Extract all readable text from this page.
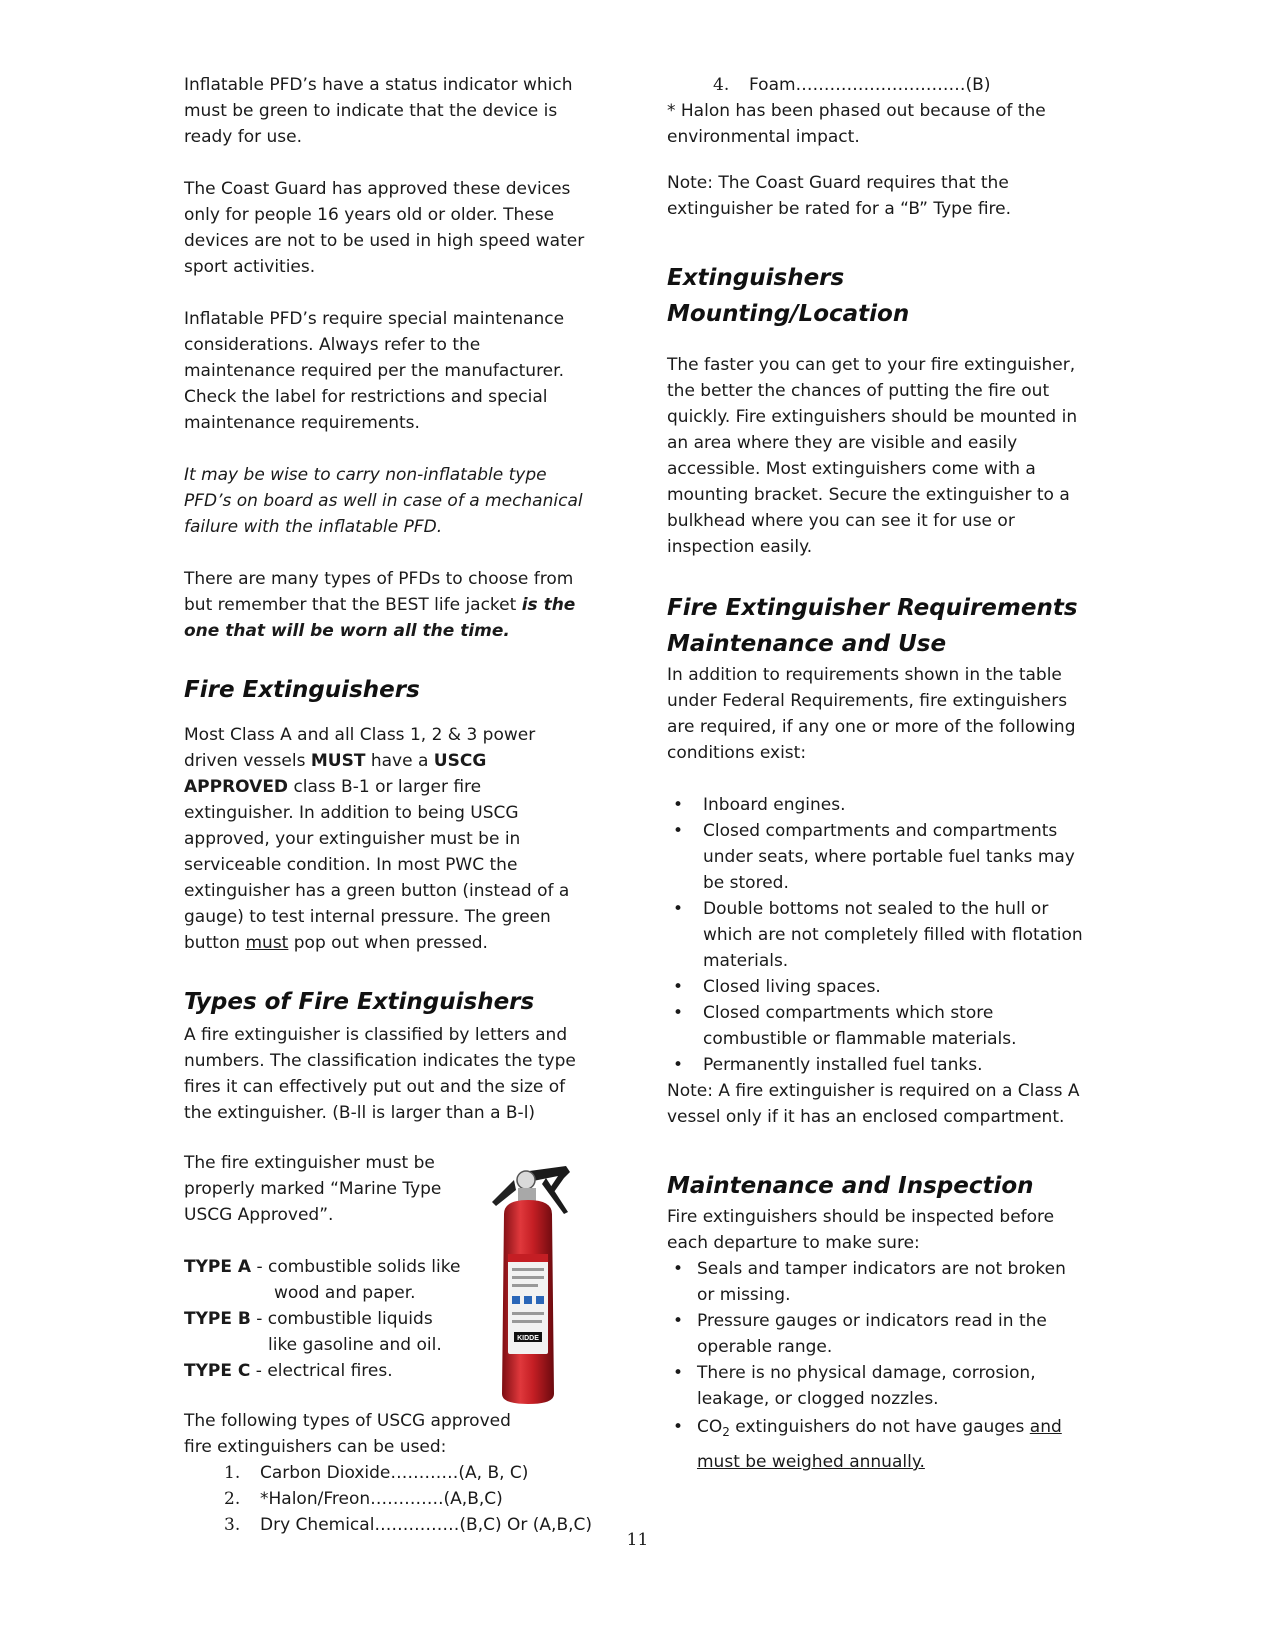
Inflatable PFD’s have a status indicator which must be green to indicate that the device is ready for use.

The Coast Guard has approved these devices only for people 16 years old or older. These devices are not to be used in high speed water sport activities.

Inflatable PFD’s require special maintenance considerations. Always refer to the maintenance required per the manufacturer. Check the label for restrictions and special maintenance requirements.

It may be wise to carry non-inflatable type PFD’s on board as well in case of a mechanical failure with the inflatable PFD.

There are many types of PFDs to choose from but remember that the BEST life jacket is the one that will be worn all the time.

Fire Extinguishers

Most Class A and all Class 1, 2 & 3 power driven vessels MUST have a USCG APPROVED class B-1 or larger fire extinguisher. In addition to being USCG approved, your extinguisher must be in serviceable condition. In most PWC the extinguisher has a green button (instead of a gauge) to test internal pressure. The green button must pop out when pressed.

Types of Fire Extinguishers

A fire extinguisher is classified by letters and numbers. The classification indicates the type fires it can effectively put out and the size of the extinguisher. (B-ll is larger than a B-l)

KIDDE

The fire extinguisher must be properly marked “Marine Type USCG Approved”.

TYPE A - combustible solids like
wood and paper.
TYPE B - combustible liquids
like gasoline and oil.
TYPE C - electrical fires.

The following types of USCG approved fire extinguishers can be used:

1. Carbon Dioxide…………(A, B, C)
2. *Halon/Freon………….(A,B,C)
3. Dry Chemical……………(B,C) Or (A,B,C)
4. Foam…………………………(B)

* Halon has been phased out because of the environmental impact.

Note: The Coast Guard requires that the extinguisher be rated for a “B” Type fire.

Extinguishers Mounting/Location

The faster you can get to your fire extinguisher, the better the chances of putting the fire out quickly. Fire extinguishers should be mounted in an area where they are visible and easily accessible. Most extinguishers come with a mounting bracket. Secure the extinguisher to a bulkhead where you can see it for use or inspection easily.

Fire Extinguisher Requirements
Maintenance and Use

In addition to requirements shown in the table under Federal Requirements, fire extinguishers are required, if any one or more of the following conditions exist:

• Inboard engines.
• Closed compartments and compartments under seats, where portable fuel tanks may be stored.
• Double bottoms not sealed to the hull or which are not completely filled with flotation materials.
• Closed living spaces.
• Closed compartments which store combustible or flammable materials.
• Permanently installed fuel tanks.

Note: A fire extinguisher is required on a Class A vessel only if it has an enclosed compartment.

Maintenance and Inspection

Fire extinguishers should be inspected before each departure to make sure:

• Seals and tamper indicators are not broken or missing.
• Pressure gauges or indicators read in the operable range.
• There is no physical damage, corrosion, leakage, or clogged nozzles.
• $CO_2$ extinguishers do not have gauges and must be weighed annually.
11
